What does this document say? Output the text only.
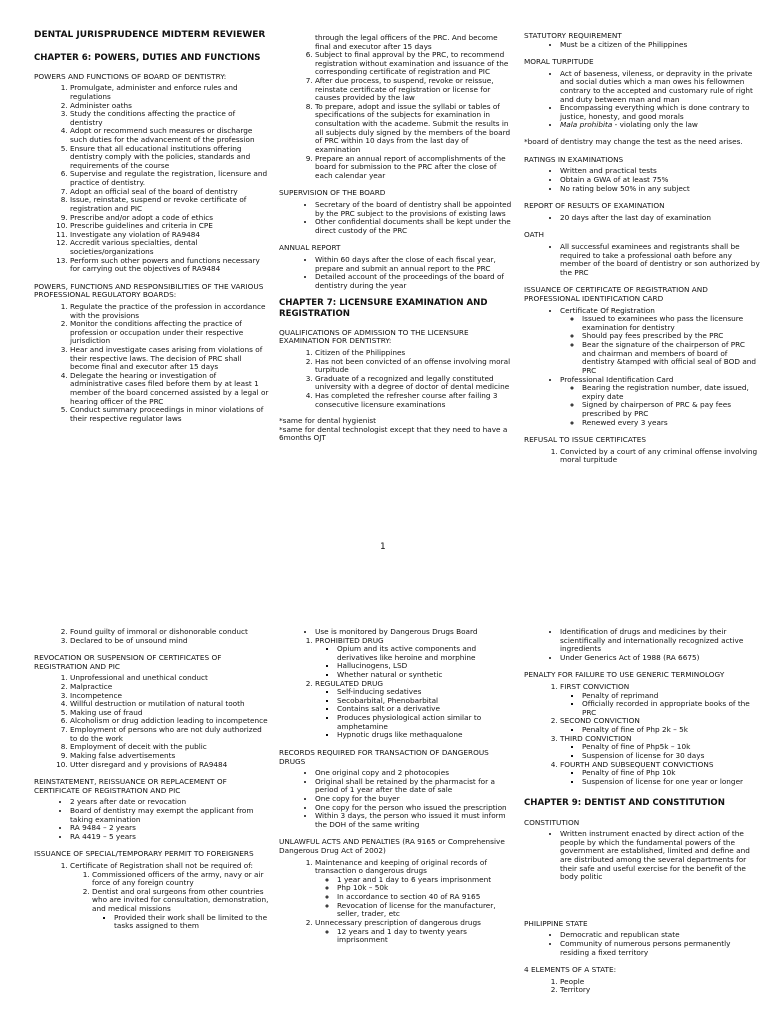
DENTAL JURISPRUDENCE MIDTERM REVIEWER
CHAPTER 6: POWERS, DUTIES AND FUNCTIONS
POWERS AND FUNCTIONS OF BOARD OF DENTISTRY:
1. Promulgate, administer and enforce rules and regulations
2. Administer oaths
3. Study the conditions affecting the practice of dentistry
4. Adopt or recommend such measures or discharge such duties for the advancement of the profession
5. Ensure that all educational institutions offering dentistry comply with the policies, standards and requirements of the course
6. Supervise and regulate the registration, licensure and practice of dentistry.
7. Adopt an official seal of the board of dentistry
8. Issue, reinstate, suspend or revoke certificate of registration and PIC
9. Prescribe and/or adopt a code of ethics
10. Prescribe guidelines and criteria in CPE
11. Investigate any violation of RA9484
12. Accredit various specialties, dental societies/organizations
13. Perform such other powers and functions necessary for carrying out the objectives of RA9484
POWERS, FUNCTIONS AND RESPONSIBILITIES OF THE VARIOUS PROFESSIONAL REGULATORY BOARDS:
1. Regulate the practice of the profession in accordance with the provisions
2. Monitor the conditions affecting the practice of profession or occupation under their respective jurisdiction
3. Hear and investigate cases arising from violations of their respective laws. The decision of PRC shall become final and executor after 15 days
4. Delegate the hearing or investigation of administrative cases filed before them by at least 1 member of the board concerned assisted by a legal or hearing officer of the PRC
5. Conduct summary proceedings in minor violations of their respective regulator laws
through the legal officers of the PRC. And become final and executor after 15 days
6. Subject to final approval by the PRC, to recommend registration without examination and issuance of the corresponding certificate of registration and PIC
7. After due process, to suspend, revoke or reissue, reinstate certificate of registration or license for causes provided by the law
8. To prepare, adopt and issue the syllabi or tables of specifications of the subjects for examination in consultation with the academe. Submit the results in all subjects duly signed by the members of the board of PRC within 10 days from the last day of examination
9. Prepare an annual report of accomplishments of the board for submission to the PRC after the close of each calendar year
SUPERVISION OF THE BOARD
• Secretary of the board of dentistry shall be appointed by the PRC subject to the provisions of existing laws
• Other confidential documents shall be kept under the direct custody of the PRC
ANNUAL REPORT
• Within 60 days after the close of each fiscal year, prepare and submit an annual report to the PRC
• Detailed account of the proceedings of the board of dentistry during the year
CHAPTER 7: LICENSURE EXAMINATION AND REGISTRATION
QUALIFICATIONS OF ADMISSION TO THE LICENSURE EXAMINATION FOR DENTISTRY:
1. Citizen of the Philippines
2. Has not been convicted of an offense involving moral turpitude
3. Graduate of a recognized and legally constituted university with a degree of doctor of dental medicine
4. Has completed the refresher course after failing 3 consecutive licensure examinations
*same for dental hygienist
*same for dental technologist except that they need to have a 6months OJT
STATUTORY REQUIREMENT
• Must be a citizen of the Philippines
MORAL TURPITUDE
• Act of baseness, vileness, or depravity in the private and social duties which a man owes his fellowmen contrary to the accepted and customary rule of right and duty between man and man
• Encompassing everything which is done contrary to justice, honesty, and good morals
• Mala prohibita - violating only the law
*board of dentistry may change the test as the need arises.
RATINGS IN EXAMINATIONS
• Written and practical tests
• Obtain a GWA of at least 75%
• No rating below 50% in any subject
REPORT OF RESULTS OF EXAMINATION
• 20 days after the last day of examination
OATH
• All successful examinees and registrants shall be required to take a professional oath before any member of the board of dentistry or son authorized by the PRC
ISSUANCE OF CERTIFICATE OF REGISTRATION AND PROFESSIONAL IDENTIFICATION CARD
• Certificate Of Registration
◦ Issued to examinees who pass the licensure examination for dentistry
◦ Should pay fees prescribed by the PRC
◦ Bear the signature of the chairperson of PRC and chairman and members of board of dentistry &tamped with official seal of BOD and PRC
• Professional Identification Card
◦ Bearing the registration number, date issued, expiry date
◦ Signed by chairperson of PRC & pay fees prescribed by PRC
◦ Renewed every 3 years
REFUSAL TO ISSUE CERTIFICATES
1. Convicted by a court of any criminal offense involving moral turpitude
1
2. Found guilty of immoral or dishonorable conduct
3. Declared to be of unsound mind
REVOCATION OR SUSPENSION OF CERTIFICATES OF REGISTRATION AND PIC
1. Unprofessional and unethical conduct
2. Malpractice
3. Incompetence
4. Willful destruction or mutilation of natural tooth
5. Making use of fraud
6. Alcoholism or drug addiction leading to incompetence
7. Employment of persons who are not duly authorized to do the work
8. Employment of deceit with the public
9. Making false advertisements
10. Utter disregard and y provisions of RA9484
REINSTATEMENT, REISSUANCE OR REPLACEMENT OF CERTIFICATE OF REGISTRATION AND PIC
• 2 years after date or revocation
• Board of dentistry may exempt the applicant from taking examination
• RA 9484 – 2 years
• RA 4419 – 5 years
ISSUANCE OF SPECIAL/TEMPORARY PERMIT TO FOREIGNERS
1. Certificate of Registration shall not be required of:
1. Commissioned officers of the army, navy or air force of any foreign country
2. Dentist and oral surgeons from other countries who are invited for consultation, demonstration, and medical missions
▪ Provided their work shall be limited to the tasks assigned to them
• Use is monitored by Dangerous Drugs Board
1. PROHIBITED DRUG
▪ Opium and its active components and derivatives like heroine and morphine
▪ Hallucinogens, LSD
▪ Whether natural or synthetic
2. REGULATED DRUG
▪ Self-inducing sedatives
▪ Secobarbital, Phenobarbital
▪ Contains salt or a derivative
▪ Produces physiological action similar to amphetamine
▪ Hypnotic drugs like methaqualone
RECORDS REQUIRED FOR TRANSACTION OF DANGEROUS DRUGS
• One original copy and 2 photocopies
• Original shall be retained by the pharmacist for a period of 1 year after the date of sale
• One copy for the buyer
• One copy for the person who issued the prescription
• Within 3 days, the person who issued it must inform the DOH of the same writing
UNLAWFUL ACTS AND PENALTIES (RA 9165 or Comprehensive Dangerous Drug Act of 2002)
1. Maintenance and keeping of original records of transaction o dangerous drugs
◦ 1 year and 1 day to 6 years imprisonment
◦ Php 10k – 50k
◦ In accordance to section 40 of RA 9165
◦ Revocation of license for the manufacturer, seller, trader, etc
2. Unnecessary prescription of dangerous drugs
◦ 12 years and 1 day to twenty years imprisonment
• Identification of drugs and medicines by their scientifically and internationally recognized active ingredients
• Under Generics Act of 1988 (RA 6675)
PENALTY FOR FAILURE TO USE GENERIC TERMINOLOGY
1. FIRST CONVICTION
▪ Penalty of reprimand
▪ Officially recorded in appropriate books of the PRC
2. SECOND CONVICTION
▪ Penalty of fine of Php 2k – 5k
3. THIRD CONVICTION
▪ Penalty of fine of Php5k – 10k
▪ Suspension of license for 30 days
4. FOURTH AND SUBSEQUENT CONVICTIONS
▪ Penalty of fine of Php 10k
▪ Suspension of license for one year or longer
CHAPTER 9: DENTIST AND CONSTITUTION
CONSTITUTION
• Written instrument enacted by direct action of the people by which the fundamental powers of the government are established, limited and define and are distributed among the several departments for their safe and useful exercise for the benefit of the body politic
PHILIPPINE STATE
• Democratic and republican state
• Community of numerous persons permanently residing a fixed territory
4 ELEMENTS OF A STATE:
1. People
2. Territory
